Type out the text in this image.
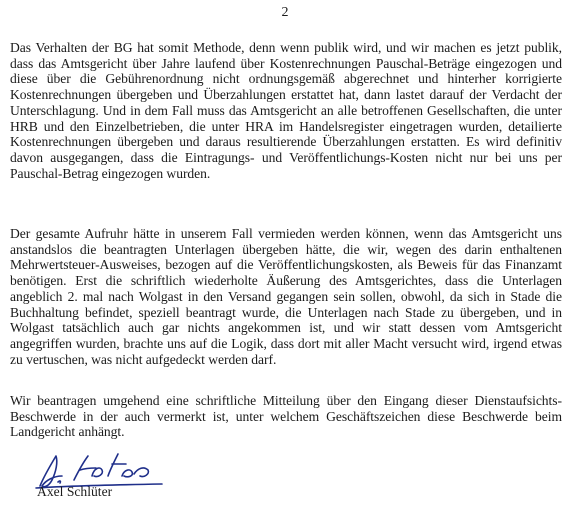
2

Das Verhalten der BG hat somit Methode, denn wenn publik wird, und wir machen es jetzt publik, dass das Amtsgericht über Jahre laufend über Kostenrechnungen Pauschal-Beträge eingezogen und diese über die Gebührenordnung nicht ordnungsgemäß abgerechnet und hinterher korrigierte Kostenrechnungen übergeben und Überzahlungen erstattet hat, dann lastet darauf der Verdacht der Unterschlagung. Und in dem Fall muss das Amtsgericht an alle betroffenen Gesellschaften, die unter HRB und den Einzelbetrieben, die unter HRA im Handelsregister eingetragen wurden, detailierte Kostenrechnungen übergeben und daraus resultierende Überzahlungen erstatten. Es wird definitiv davon ausgegangen, dass die Eintragungs- und Veröffentlichungs-Kosten nicht nur bei uns per Pauschal-Betrag eingezogen wurden.

Der gesamte Aufruhr hätte in unserem Fall vermieden werden können, wenn das Amtsgericht uns anstandslos die beantragten Unterlagen übergeben hätte, die wir, wegen des darin enthaltenen Mehrwertsteuer-Ausweises, bezogen auf die Veröffentlichungskosten, als Beweis für das Finanzamt benötigen. Erst die schriftlich wiederholte Äußerung des Amtsgerichtes, dass die Unterlagen angeblich 2. mal nach Wolgast in den Versand gegangen sein sollen, obwohl, da sich in Stade die Buchhaltung befindet, speziell beantragt wurde, die Unterlagen nach Stade zu übergeben, und in Wolgast tatsächlich auch gar nichts angekommen ist, und wir statt dessen vom Amtsgericht angegriffen wurden, brachte uns auf die Logik, dass dort mit aller Macht versucht wird, irgend etwas zu vertuschen, was nicht aufgedeckt werden darf.

Wir beantragen umgehend eine schriftliche Mitteilung über den Eingang dieser Dienstaufsichts-Beschwerde in der auch vermerkt ist, unter welchem Geschäftszeichen diese Beschwerde beim Landgericht anhängt.

Axel Schlüter
